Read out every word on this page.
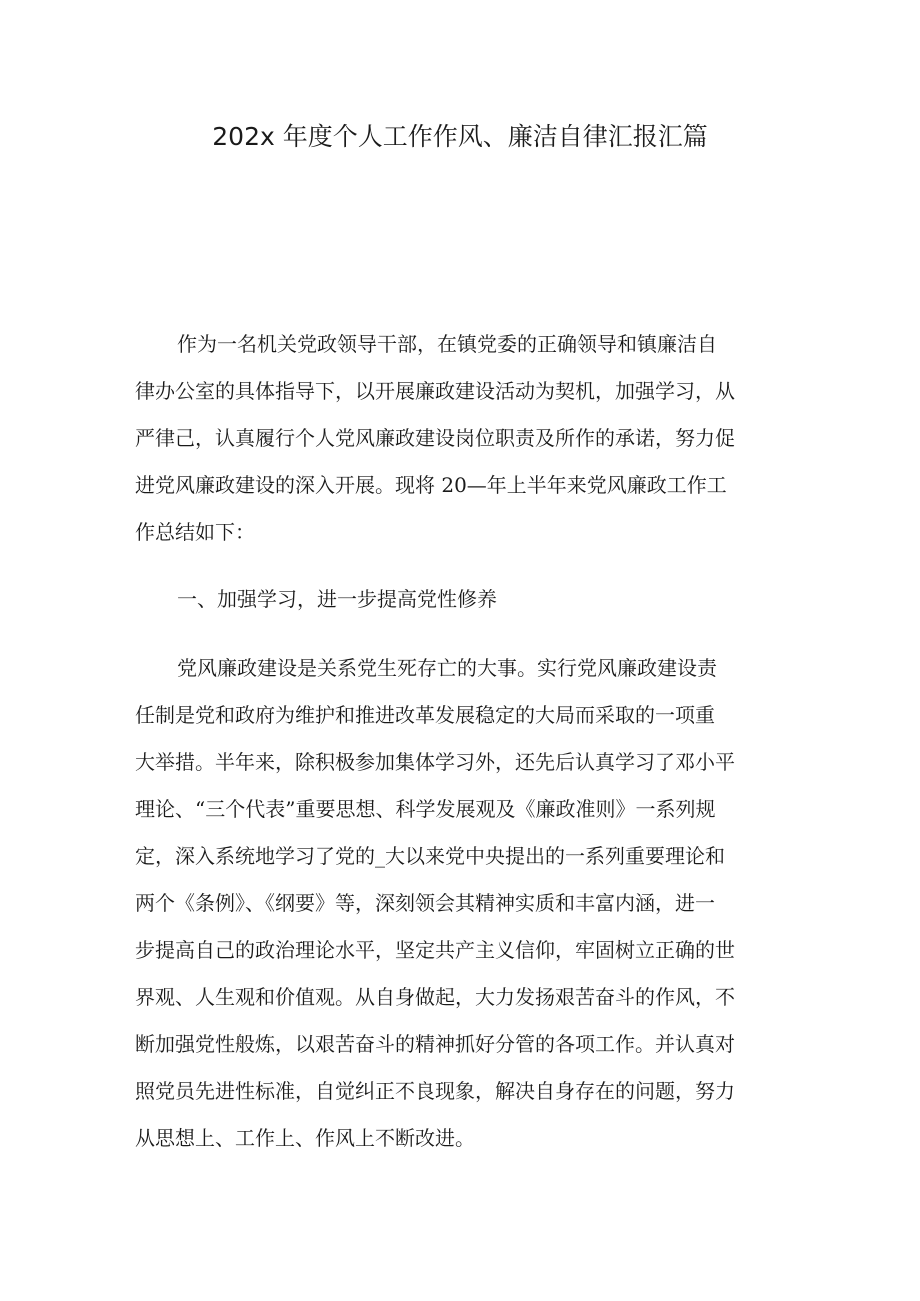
202x 年度个人工作作风、廉洁自律汇报汇篇
作为一名机关党政领导干部，在镇党委的正确领导和镇廉洁自
律办公室的具体指导下，以开展廉政建设活动为契机，加强学习，从
严律己，认真履行个人党风廉政建设岗位职责及所作的承诺，努力促
进党风廉政建设的深入开展。现将 20—年上半年来党风廉政工作工
作总结如下：
一、加强学习，进一步提高党性修养
党风廉政建设是关系党生死存亡的大事。实行党风廉政建设责
任制是党和政府为维护和推进改革发展稳定的大局而采取的一项重
大举措。半年来，除积极参加集体学习外，还先后认真学习了邓小平
理论、“三个代表”重要思想、科学发展观及《廉政准则》一系列规
定，深入系统地学习了党的_大以来党中央提出的一系列重要理论和
两个《条例》、《纲要》等，深刻领会其精神实质和丰富内涵，进一
步提高自己的政治理论水平，坚定共产主义信仰，牢固树立正确的世
界观、人生观和价值观。从自身做起，大力发扬艰苦奋斗的作风，不
断加强党性般炼，以艰苦奋斗的精神抓好分管的各项工作。并认真对
照党员先进性标准，自觉纠正不良现象，解决自身存在的问题，努力
从思想上、工作上、作风上不断改进。
